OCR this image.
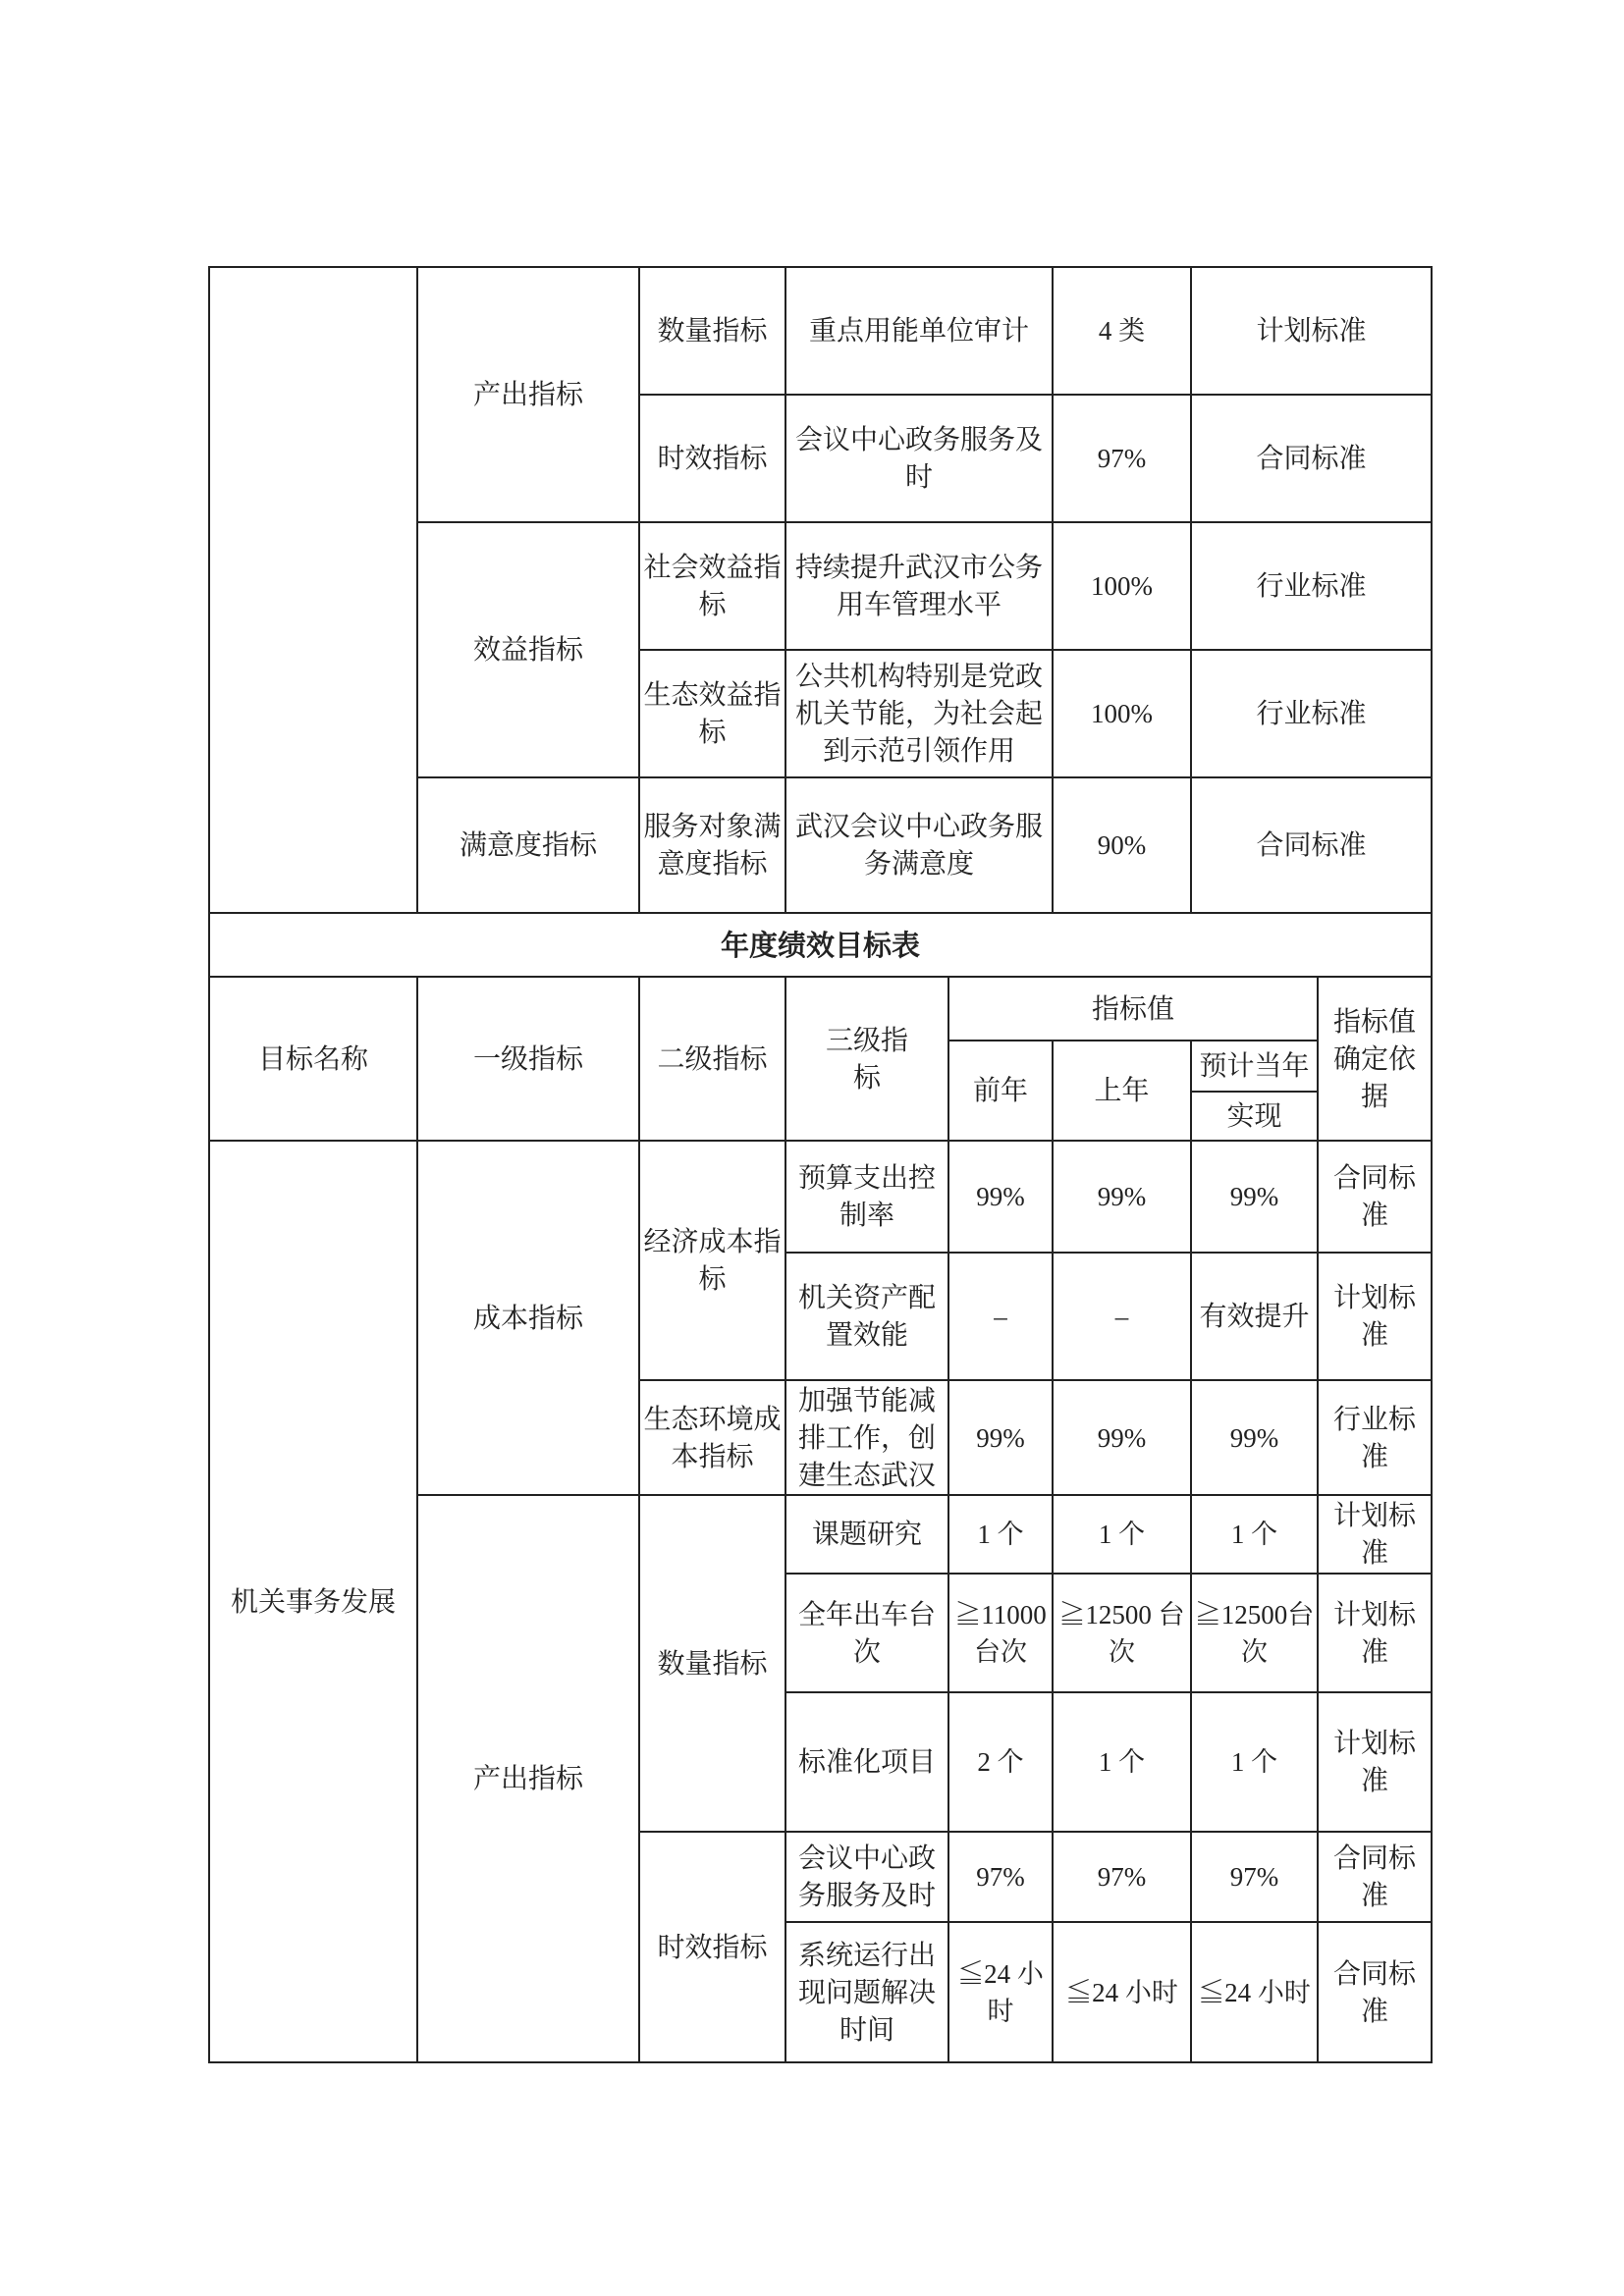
	产出指标	数量指标	重点用能单位审计	4 类	计划标准
		时效指标	会议中心政务服务及时	97%	合同标准
	效益指标	社会效益指标	持续提升武汉市公务用车管理水平	100%	行业标准
		生态效益指标	公共机构特别是党政机关节能，为社会起到示范引领作用	100%	行业标准
	满意度指标	服务对象满意度指标	武汉会议中心政务服务满意度	90%	合同标准
年度绩效目标表							
目标名称	一级指标	二级指标	三级指标	指标值			指标值确定依据
				前年	上年	预计当年	
						实现	
机关事务发展	成本指标	经济成本指标	预算支出控制率	99%	99%	99%	合同标准
			机关资产配置效能	–	–	有效提升	计划标准
		生态环境成本指标	加强节能减排工作，创建生态武汉	99%	99%	99%	行业标准
	产出指标	数量指标	课题研究	1 个	1 个	1 个	计划标准
			全年出车台次	≧11000台次	≧12500 台次	≧12500台次	计划标准
			标准化项目	2 个	1 个	1 个	计划标准
		时效指标	会议中心政务服务及时	97%	97%	97%	合同标准
			系统运行出现问题解决时间	≦24 小时	≦24 小时	≦24 小时	合同标准
